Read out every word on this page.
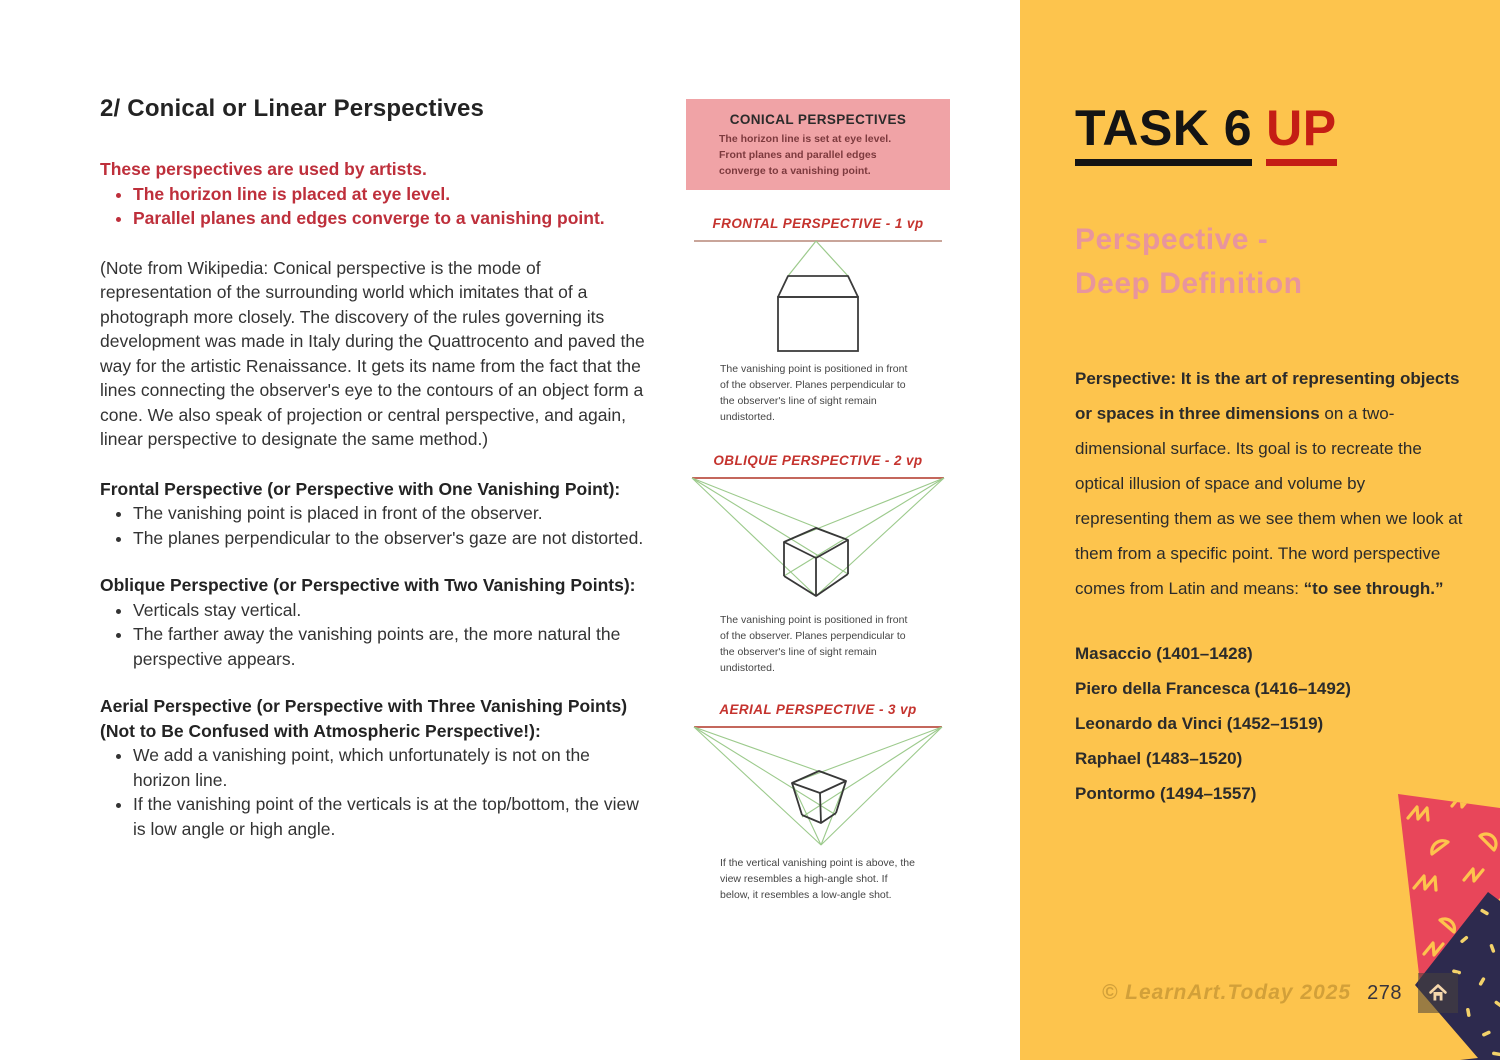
2/ Conical or Linear Perspectives
These perspectives are used by artists.
• The horizon line is placed at eye level.
• Parallel planes and edges converge to a vanishing point.

(Note from Wikipedia: Conical perspective is the mode of representation of the surrounding world which imitates that of a photograph more closely. The discovery of the rules governing its development was made in Italy during the Quattrocento and paved the way for the artistic Renaissance. It gets its name from the fact that the lines connecting the observer's eye to the contours of an object form a cone. We also speak of projection or central perspective, and again, linear perspective to designate the same method.)

Frontal Perspective (or Perspective with One Vanishing Point):
• The vanishing point is placed in front of the observer.
• The planes perpendicular to the observer's gaze are not distorted.
Oblique Perspective (or Perspective with Two Vanishing Points):
• Verticals stay vertical.
• The farther away the vanishing points are, the more natural the perspective appears.
Aerial Perspective (or Perspective with Three Vanishing Points)
(Not to Be Confused with Atmospheric Perspective!):
• We add a vanishing point, which unfortunately is not on the horizon line.
• If the vanishing point of the verticals is at the top/bottom, the view is low angle or high angle.
CONICAL PERSPECTIVES
The horizon line is set at eye level. Front planes and parallel edges converge to a vanishing point.
FRONTAL PERSPECTIVE - 1 vp
The vanishing point is positioned in front of the observer. Planes perpendicular to the observer's line of sight remain undistorted.
OBLIQUE PERSPECTIVE - 2 vp
The vanishing point is positioned in front of the observer. Planes perpendicular to the observer's line of sight remain undistorted.
AERIAL PERSPECTIVE - 3 vp
If the vertical vanishing point is above, the view resembles a high-angle shot. If below, it resembles a low-angle shot.
TASK 6 UP
Perspective -
Deep Definition

Perspective: It is the art of representing objects or spaces in three dimensions on a two-dimensional surface. Its goal is to recreate the optical illusion of space and volume by representing them as we see them when we look at them from a specific point. The word perspective comes from Latin and means: “to see through.”

Masaccio (1401–1428)
Piero della Francesca (1416–1492)
Leonardo da Vinci (1452–1519)
Raphael (1483–1520)
Pontormo (1494–1557)
© LearnArt.Today 2025 278
